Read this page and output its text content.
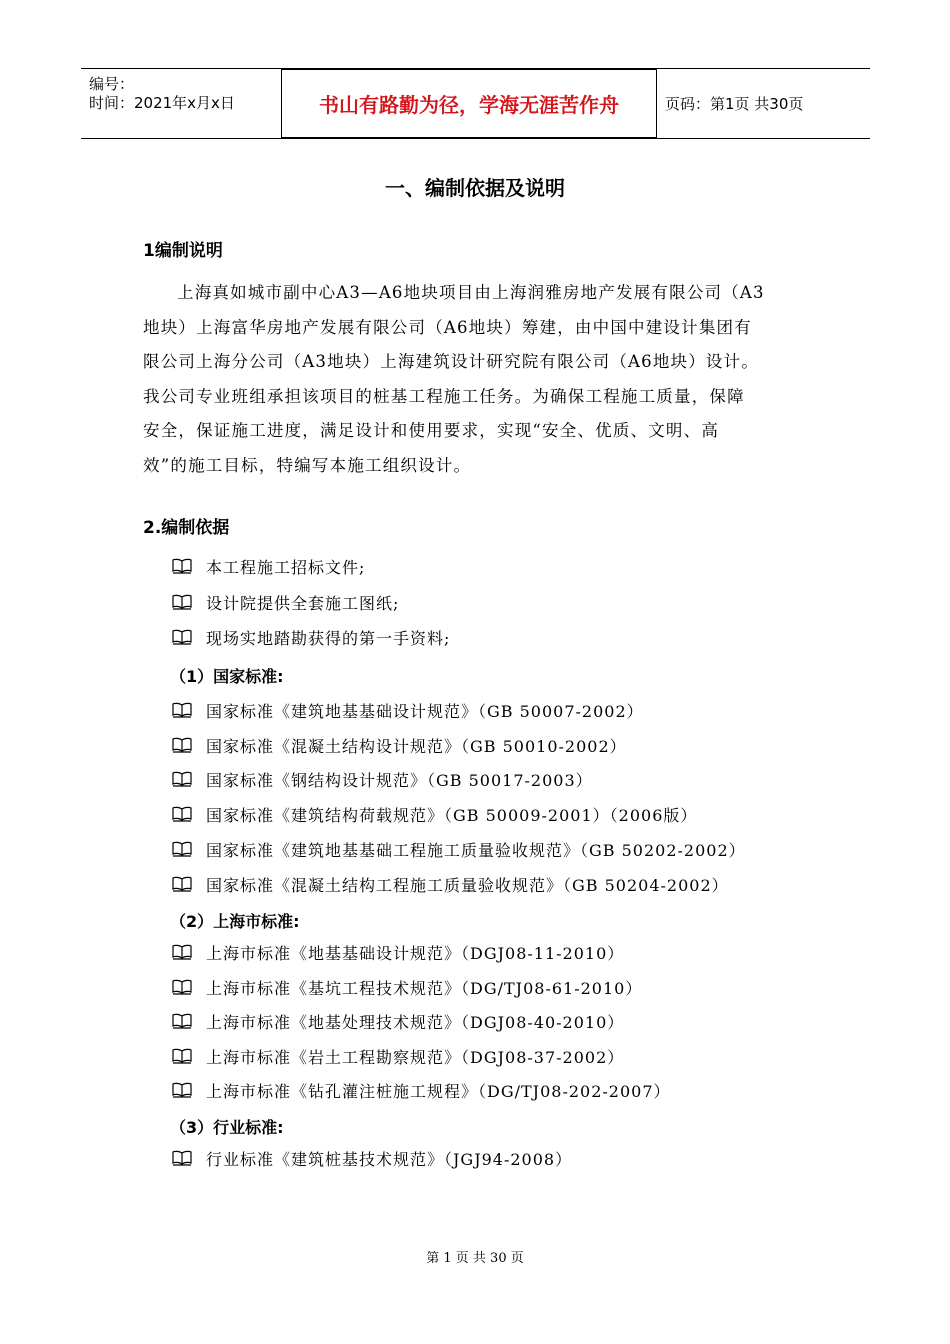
编号：
时间：2021年x月x日	书山有路勤为径，学海无涯苦作舟	页码：第1页 共30页
一、编制依据及说明
1编制说明
上海真如城市副中心A3—A6地块项目由上海润雅房地产发展有限公司（A3
地块）上海富华房地产发展有限公司（A6地块）筹建，由中国中建设计集团有
限公司上海分公司（A3地块）上海建筑设计研究院有限公司（A6地块）设计。
我公司专业班组承担该项目的桩基工程施工任务。为确保工程施工质量，保障
安全，保证施工进度，满足设计和使用要求，实现“安全、优质、文明、高
效”的施工目标，特编写本施工组织设计。
2.编制依据
本工程施工招标文件;
设计院提供全套施工图纸;
现场实地踏勘获得的第一手资料;
（1）国家标准:
国家标准《建筑地基基础设计规范》（GB 50007-2002）
国家标准《混凝土结构设计规范》（GB 50010-2002）
国家标准《钢结构设计规范》（GB 50017-2003）
国家标准《建筑结构荷载规范》（GB 50009-2001）（2006版）
国家标准《建筑地基基础工程施工质量验收规范》（GB 50202-2002）
国家标准《混凝土结构工程施工质量验收规范》（GB 50204-2002）
（2）上海市标准:
上海市标准《地基基础设计规范》（DGJ08-11-2010）
上海市标准《基坑工程技术规范》（DG/TJ08-61-2010）
上海市标准《地基处理技术规范》（DGJ08-40-2010）
上海市标准《岩土工程勘察规范》（DGJ08-37-2002）
上海市标准《钻孔灌注桩施工规程》（DG/TJ08-202-2007）
（3）行业标准:
行业标准《建筑桩基技术规范》（JGJ94-2008）
第 1 页 共 30 页
